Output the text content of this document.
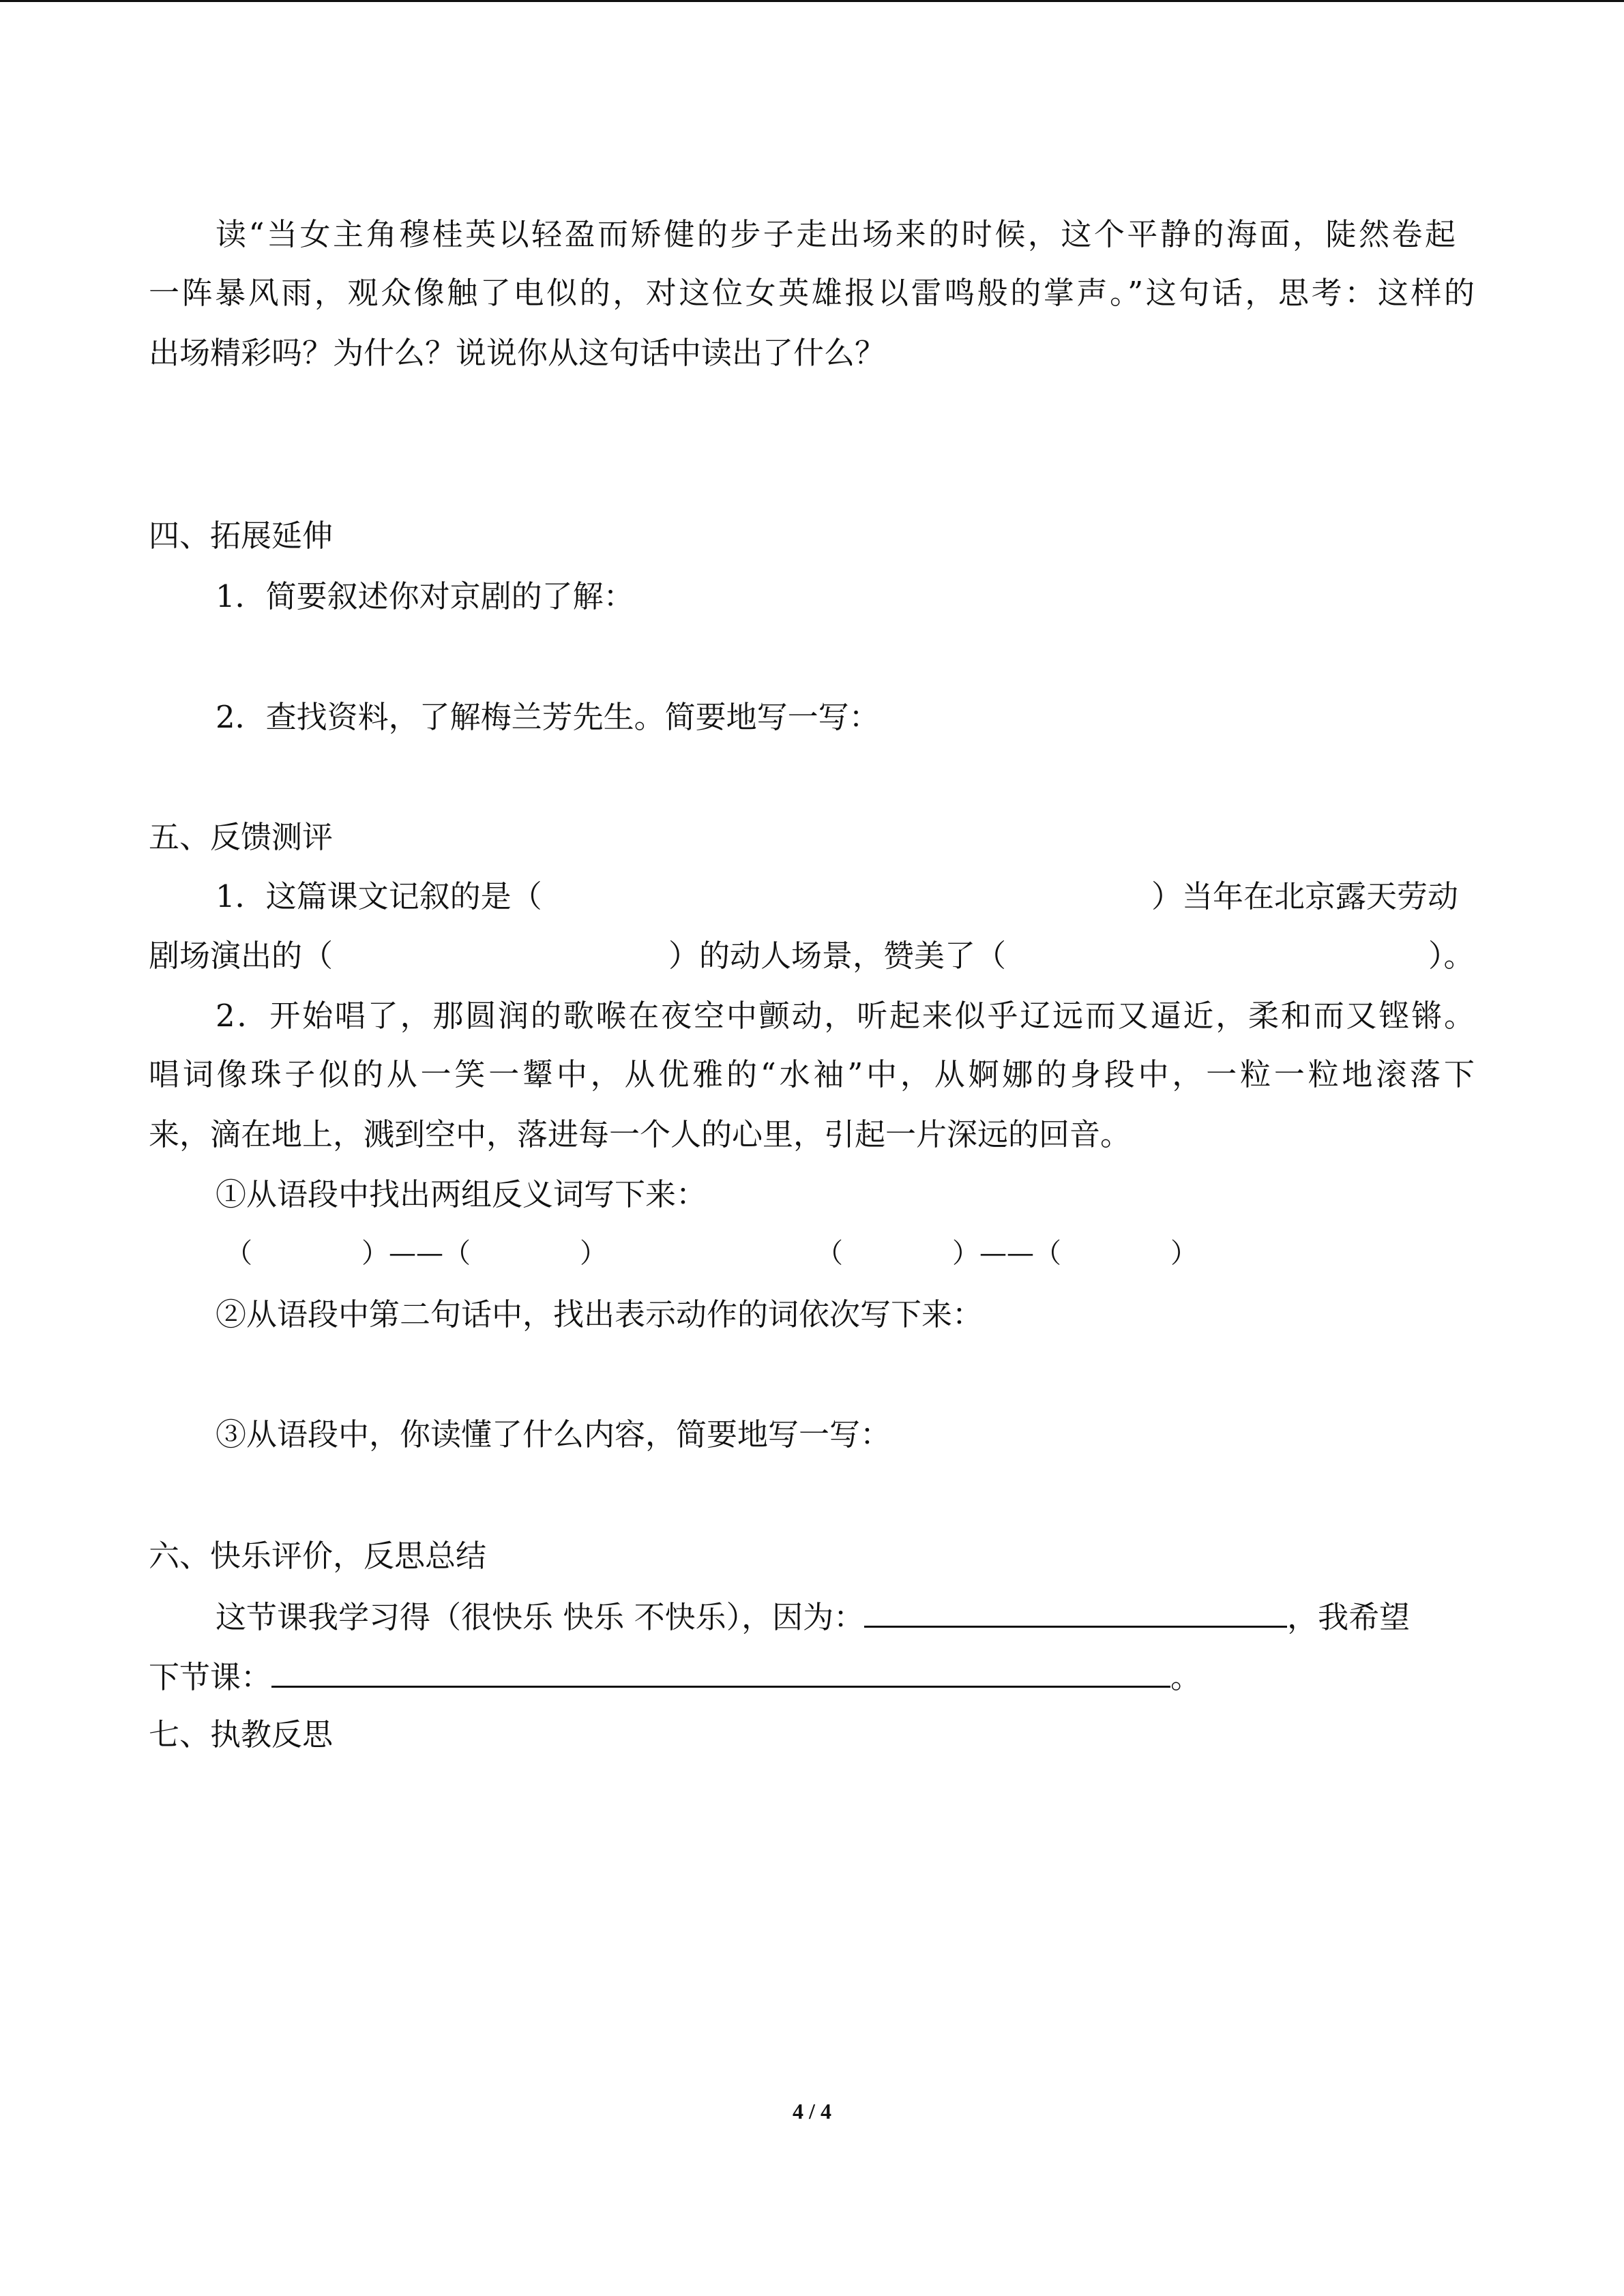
读“当女主角穆桂英以轻盈而矫健的步子走出场来的时候，这个平静的海面，陡然卷起
一阵暴风雨，观众像触了电似的，对这位女英雄报以雷鸣般的掌声。”这句话，思考：这样的
出场精彩吗？为什么？说说你从这句话中读出了什么？
四、拓展延伸
1．简要叙述你对京剧的了解：
2．查找资料，了解梅兰芳先生。简要地写一写：
五、反馈测评
1．这篇课文记叙的是（	）当年在北京露天劳动
剧场演出的（	）的动人场景，赞美了（	）。
2．开始唱了，那圆润的歌喉在夜空中颤动，听起来似乎辽远而又逼近，柔和而又铿锵。
唱词像珠子似的从一笑一颦中，从优雅的“水袖”中，从婀娜的身段中，一粒一粒地滚落下
来，滴在地上，溅到空中，落进每一个人的心里，引起一片深远的回音。
①从语段中找出两组反义词写下来：
（　　　　）——（　　　　）	（　　　　）——（　　　　）
②从语段中第二句话中，找出表示动作的词依次写下来：
③从语段中，你读懂了什么内容，简要地写一写：
六、快乐评价，反思总结
这节课我学习得（很快乐 快乐 不快乐），因为：	，我希望
下节课：	。
七、执教反思
4 / 4
